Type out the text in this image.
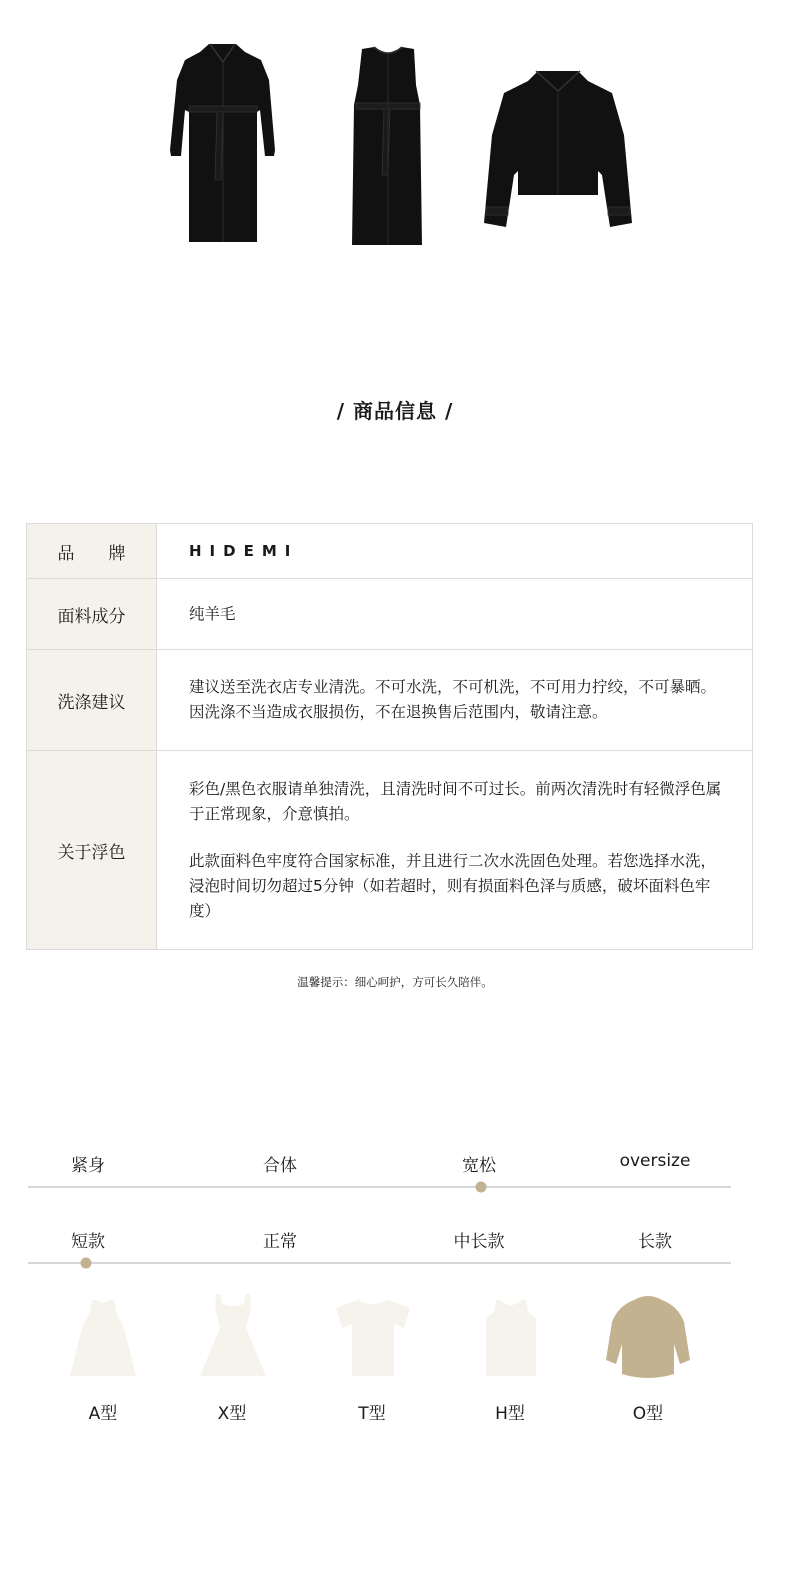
/ 商品信息 /
品　　牌	HIDEMI
面料成分	纯羊毛
洗涤建议	建议送至洗衣店专业清洗。不可水洗，不可机洗，不可用力拧绞，不可暴晒。因洗涤不当造成衣服损伤，不在退换售后范围内，敬请注意。
关于浮色	彩色/黑色衣服请单独清洗，且清洗时间不可过长。前两次清洗时有轻微浮色属于正常现象，介意慎拍。
此款面料色牢度符合国家标准，并且进行二次水洗固色处理。若您选择水洗，浸泡时间切勿超过5分钟（如若超时，则有损面料色泽与质感，破坏面料色牢度）
温馨提示：细心呵护，方可长久陪伴。
紧身	合体	宽松	oversize
短款	正常	中长款	长款
A型	X型	T型	H型	O型
